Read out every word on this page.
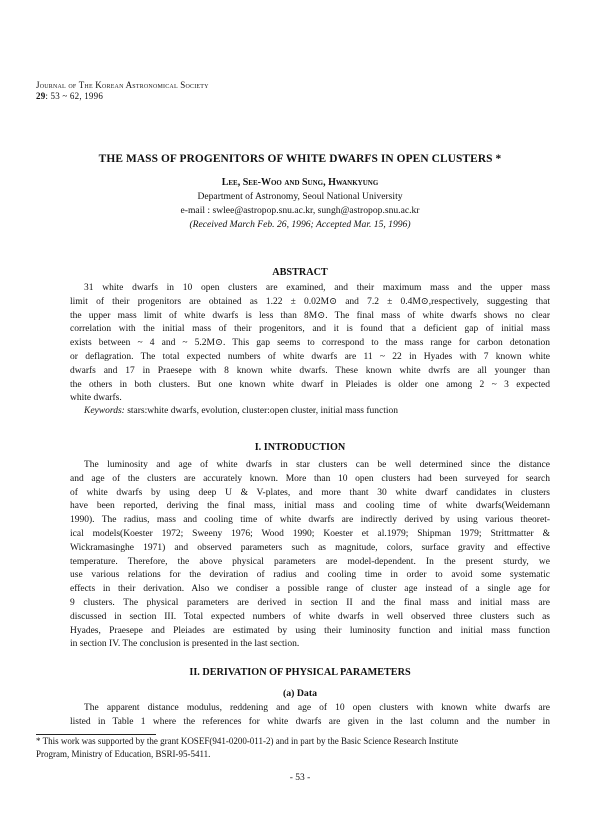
Journal of The Korean Astronomical Society
29: 53 ~ 62, 1996
THE MASS OF PROGENITORS OF WHITE DWARFS IN OPEN CLUSTERS *
Lee, See-Woo and Sung, Hwankyung
Department of Astronomy, Seoul National University
e-mail : swlee@astropop.snu.ac.kr, sungh@astropop.snu.ac.kr
(Received March Feb. 26, 1996; Accepted Mar. 15, 1996)
ABSTRACT
31 white dwarfs in 10 open clusters are examined, and their maximum mass and the upper mass
limit of their progenitors are obtained as 1.22 ± 0.02M⊙ and 7.2 ± 0.4M⊙,respectively, suggesting that
the upper mass limit of white dwarfs is less than 8M⊙. The final mass of white dwarfs shows no clear
correlation with the initial mass of their progenitors, and it is found that a deficient gap of initial mass
exists between ~ 4 and ~ 5.2M⊙. This gap seems to correspond to the mass range for carbon detonation
or deflagration. The total expected numbers of white dwarfs are 11 ~ 22 in Hyades with 7 known white
dwarfs and 17 in Praesepe with 8 known white dwarfs. These known white dwrfs are all younger than
the others in both clusters. But one known white dwarf in Pleiades is older one among 2 ~ 3 expected
white dwarfs.
Keywords: stars:white dwarfs, evolution, cluster:open cluster, initial mass function
I. INTRODUCTION
The luminosity and age of white dwarfs in star clusters can be well determined since the distance
and age of the clusters are accurately known. More than 10 open clusters had been surveyed for search
of white dwarfs by using deep U & V-plates, and more thant 30 white dwarf candidates in clusters
have been reported, deriving the final mass, initial mass and cooling time of white dwarfs(Weidemann
1990). The radius, mass and cooling time of white dwarfs are indirectly derived by using various theoret-
ical models(Koester 1972; Sweeny 1976; Wood 1990; Koester et al.1979; Shipman 1979; Strittmatter &
Wickramasinghe 1971) and observed parameters such as magnitude, colors, surface gravity and effective
temperature. Therefore, the above physical parameters are model-dependent. In the present sturdy, we
use various relations for the deviration of radius and cooling time in order to avoid some systematic
effects in their derivation. Also we condiser a possible range of cluster age instead of a single age for
9 clusters. The physical parameters are derived in section II and the final mass and initial mass are
discussed in section III. Total expected numbers of white dwarfs in well observed three clusters such as
Hyades, Praesepe and Pleiades are estimated by using their luminosity function and initial mass function
in section IV. The conclusion is presented in the last section.
II. DERIVATION OF PHYSICAL PARAMETERS
(a) Data
The apparent distance modulus, reddening and age of 10 open clusters with known white dwarfs are
listed in Table 1 where the references for white dwarfs are given in the last column and the number in
* This work was supported by the grant KOSEF(941-0200-011-2) and in part by the Basic Science Research Institute
Program, Ministry of Education, BSRI-95-5411.
- 53 -
